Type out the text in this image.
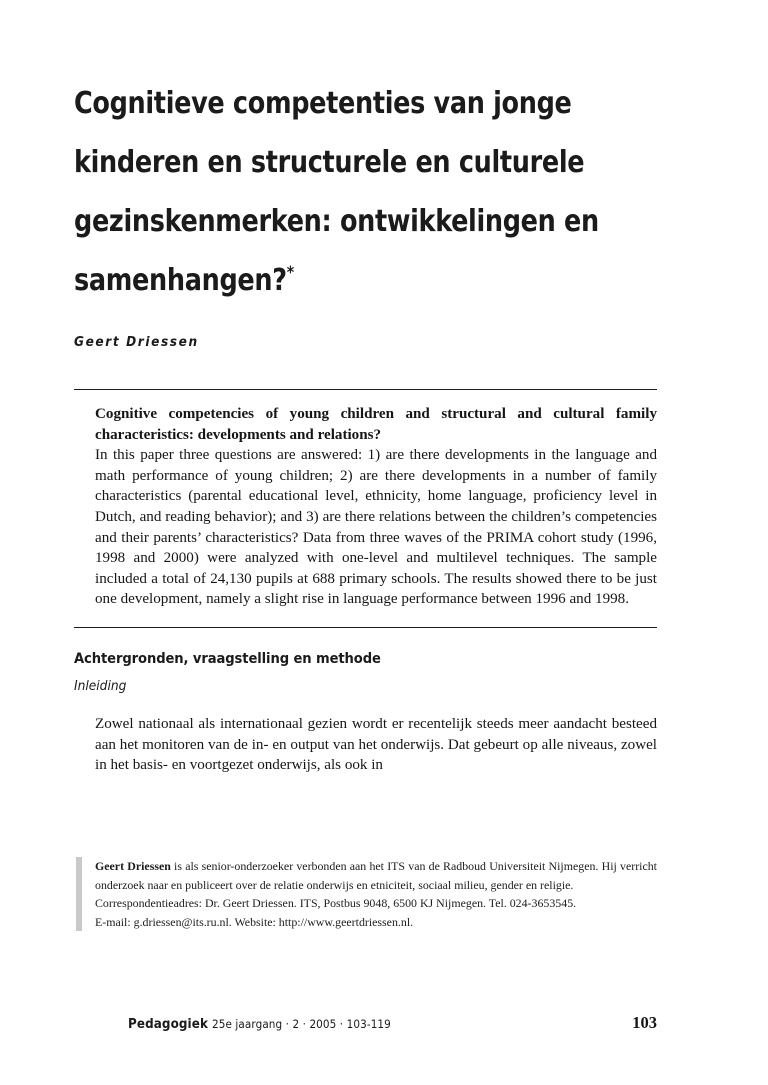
Cognitieve competenties van jonge
kinderen en structurele en culturele
gezinskenmerken: ontwikkelingen en
samenhangen?*

Geert Driessen

Cognitive competencies of young children and structural and cultural family characteristics: developments and relations?
In this paper three questions are answered: 1) are there developments in the language and math performance of young children; 2) are there developments in a number of family characteristics (parental educational level, ethnicity, home language, proficiency level in Dutch, and reading behavior); and 3) are there relations between the children’s competencies and their parents’ characteristics? Data from three waves of the PRIMA cohort study (1996, 1998 and 2000) were analyzed with one-level and multilevel techniques. The sample included a total of 24,130 pupils at 688 primary schools. The results showed there to be just one development, namely a slight rise in language performance between 1996 and 1998.
Achtergronden, vraagstelling en methode
Inleiding

Zowel nationaal als internationaal gezien wordt er recentelijk steeds meer aandacht besteed aan het monitoren van de in- en output van het onderwijs. Dat gebeurt op alle niveaus, zowel in het basis- en voortgezet onderwijs, als ook in

Geert Driessen is als senior-onderzoeker verbonden aan het ITS van de Radboud Universiteit Nijmegen. Hij verricht onderzoek naar en publiceert over de relatie onderwijs en etniciteit, sociaal milieu, gender en religie.

Correspondentieadres: Dr. Geert Driessen. ITS, Postbus 9048, 6500 KJ Nijmegen. Tel. 024-3653545.

E-mail: g.driessen@its.ru.nl. Website: http://www.geertdriessen.nl.

Pedagogiek 25e jaargang · 2 · 2005 · 103-119	103
